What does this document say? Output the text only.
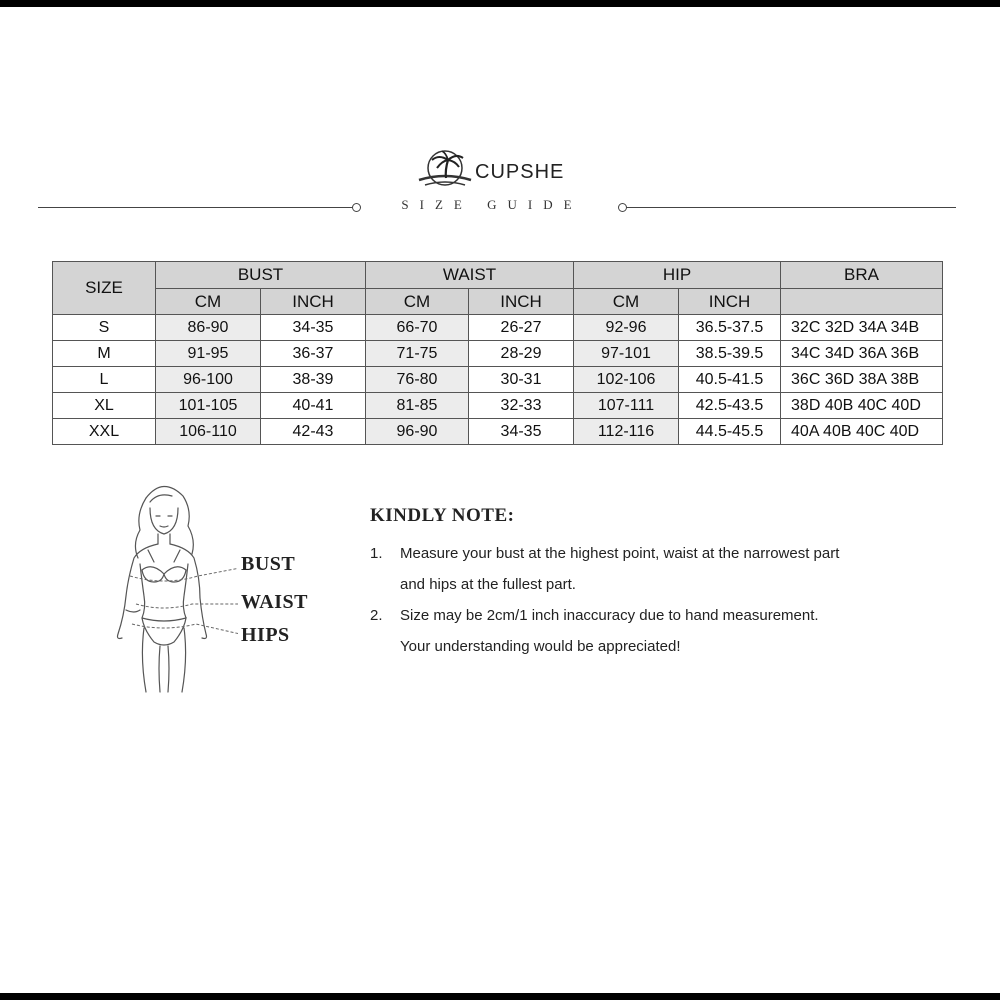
CUPSHE
SIZE GUIDE
SIZE	BUST		WAIST		HIP		BRA
	CM	INCH	CM	INCH	CM	INCH	
S	86-90	34-35	66-70	26-27	92-96	36.5-37.5	32C 32D 34A 34B
M	91-95	36-37	71-75	28-29	97-101	38.5-39.5	34C 34D 36A 36B
L	96-100	38-39	76-80	30-31	102-106	40.5-41.5	36C 36D 38A 38B
XL	101-105	40-41	81-85	32-33	107-111	42.5-43.5	38D 40B 40C 40D
XXL	106-110	42-43	96-90	34-35	112-116	44.5-45.5	40A 40B 40C 40D
BUST
WAIST
HIPS
KINDLY NOTE:
1.	Measure your bust at the highest point, waist at the narrowest part
and hips at the fullest part.
2.	Size may be 2cm/1 inch inaccuracy due to hand measurement.
Your understanding would be appreciated!
